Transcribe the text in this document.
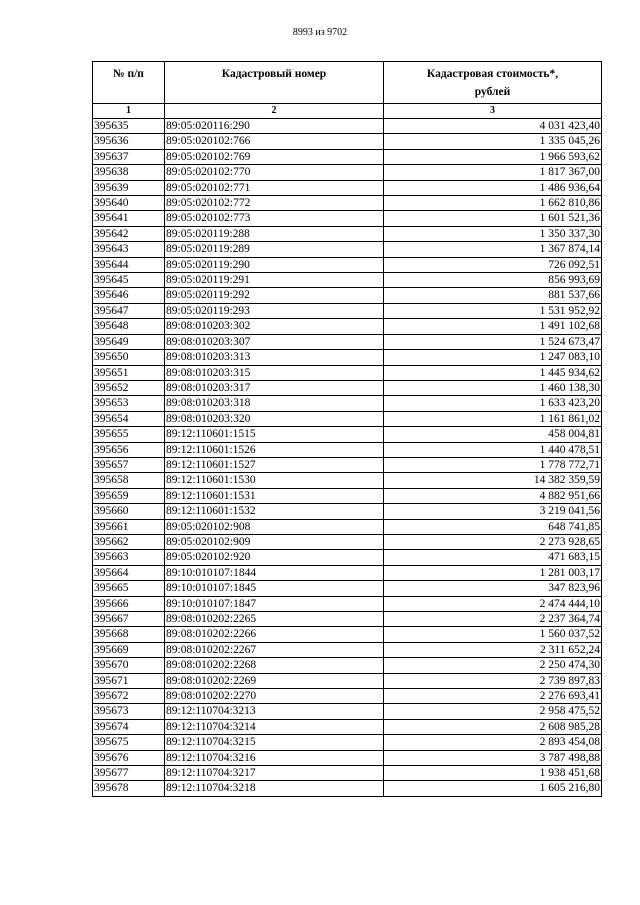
8993 из 9702
№ п/п	Кадастровый номер	Кадастровая стоимость*,
рублей
1	2	3
395635	89:05:020116:290	4 031 423,40
395636	89:05:020102:766	1 335 045,26
395637	89:05:020102:769	1 966 593,62
395638	89:05:020102:770	1 817 367,00
395639	89:05:020102:771	1 486 936,64
395640	89:05:020102:772	1 662 810,86
395641	89:05:020102:773	1 601 521,36
395642	89:05:020119:288	1 350 337,30
395643	89:05:020119:289	1 367 874,14
395644	89:05:020119:290	726 092,51
395645	89:05:020119:291	856 993,69
395646	89:05:020119:292	881 537,66
395647	89:05:020119:293	1 531 952,92
395648	89:08:010203:302	1 491 102,68
395649	89:08:010203:307	1 524 673,47
395650	89:08:010203:313	1 247 083,10
395651	89:08:010203:315	1 445 934,62
395652	89:08:010203:317	1 460 138,30
395653	89:08:010203:318	1 633 423,20
395654	89:08:010203:320	1 161 861,02
395655	89:12:110601:1515	458 004,81
395656	89:12:110601:1526	1 440 478,51
395657	89:12:110601:1527	1 778 772,71
395658	89:12:110601:1530	14 382 359,59
395659	89:12:110601:1531	4 882 951,66
395660	89:12:110601:1532	3 219 041,56
395661	89:05:020102:908	648 741,85
395662	89:05:020102:909	2 273 928,65
395663	89:05:020102:920	471 683,15
395664	89:10:010107:1844	1 281 003,17
395665	89:10:010107:1845	347 823,96
395666	89:10:010107:1847	2 474 444,10
395667	89:08:010202:2265	2 237 364,74
395668	89:08:010202:2266	1 560 037,52
395669	89:08:010202:2267	2 311 652,24
395670	89:08:010202:2268	2 250 474,30
395671	89:08:010202:2269	2 739 897,83
395672	89:08:010202:2270	2 276 693,41
395673	89:12:110704:3213	2 958 475,52
395674	89:12:110704:3214	2 608 985,28
395675	89:12:110704:3215	2 893 454,08
395676	89:12:110704:3216	3 787 498,88
395677	89:12:110704:3217	1 938 451,68
395678	89:12:110704:3218	1 605 216,80
